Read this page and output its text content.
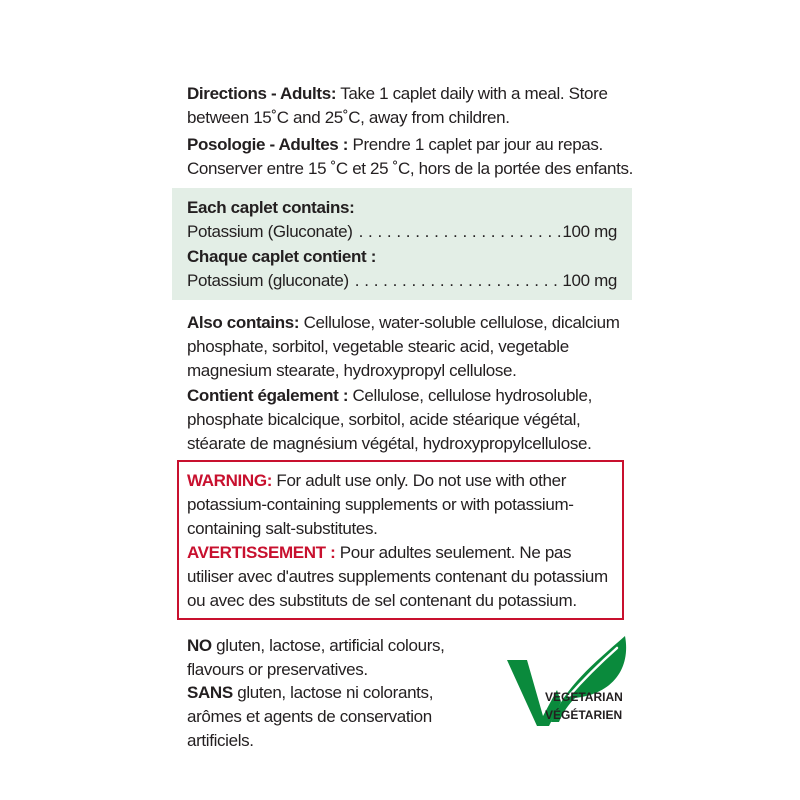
Directions - Adults: Take 1 caplet daily with a meal. Store between 15˚C and 25˚C, away from children.
Posologie - Adultes : Prendre 1 caplet par jour au repas. Conserver entre 15 ˚C et 25 ˚C, hors de la portée des enfants.
Each caplet contains:
Potassium (Gluconate) . . .	100 mg
Chaque caplet contient :
Potassium (gluconate) . . .	100 mg
Also contains: Cellulose, water-soluble cellulose, dicalcium phosphate, sorbitol, vegetable stearic acid, vegetable magnesium stearate, hydroxypropyl cellulose.
Contient également : Cellulose, cellulose hydrosoluble, phosphate bicalcique, sorbitol, acide stéarique végétal, stéarate de magnésium végétal, hydroxypropylcellulose.
WARNING: For adult use only. Do not use with other potassium-containing supplements or with potassium-containing salt-substitutes.
AVERTISSEMENT : Pour adultes seulement. Ne pas utiliser avec d'autres supplements contenant du potassium ou avec des substituts de sel contenant du potassium.
NO gluten, lactose, artificial colours, flavours or preservatives.
SANS gluten, lactose ni colorants, arômes et agents de conservation artificiels.
VEGETARIAN
VÉGÉTARIEN
